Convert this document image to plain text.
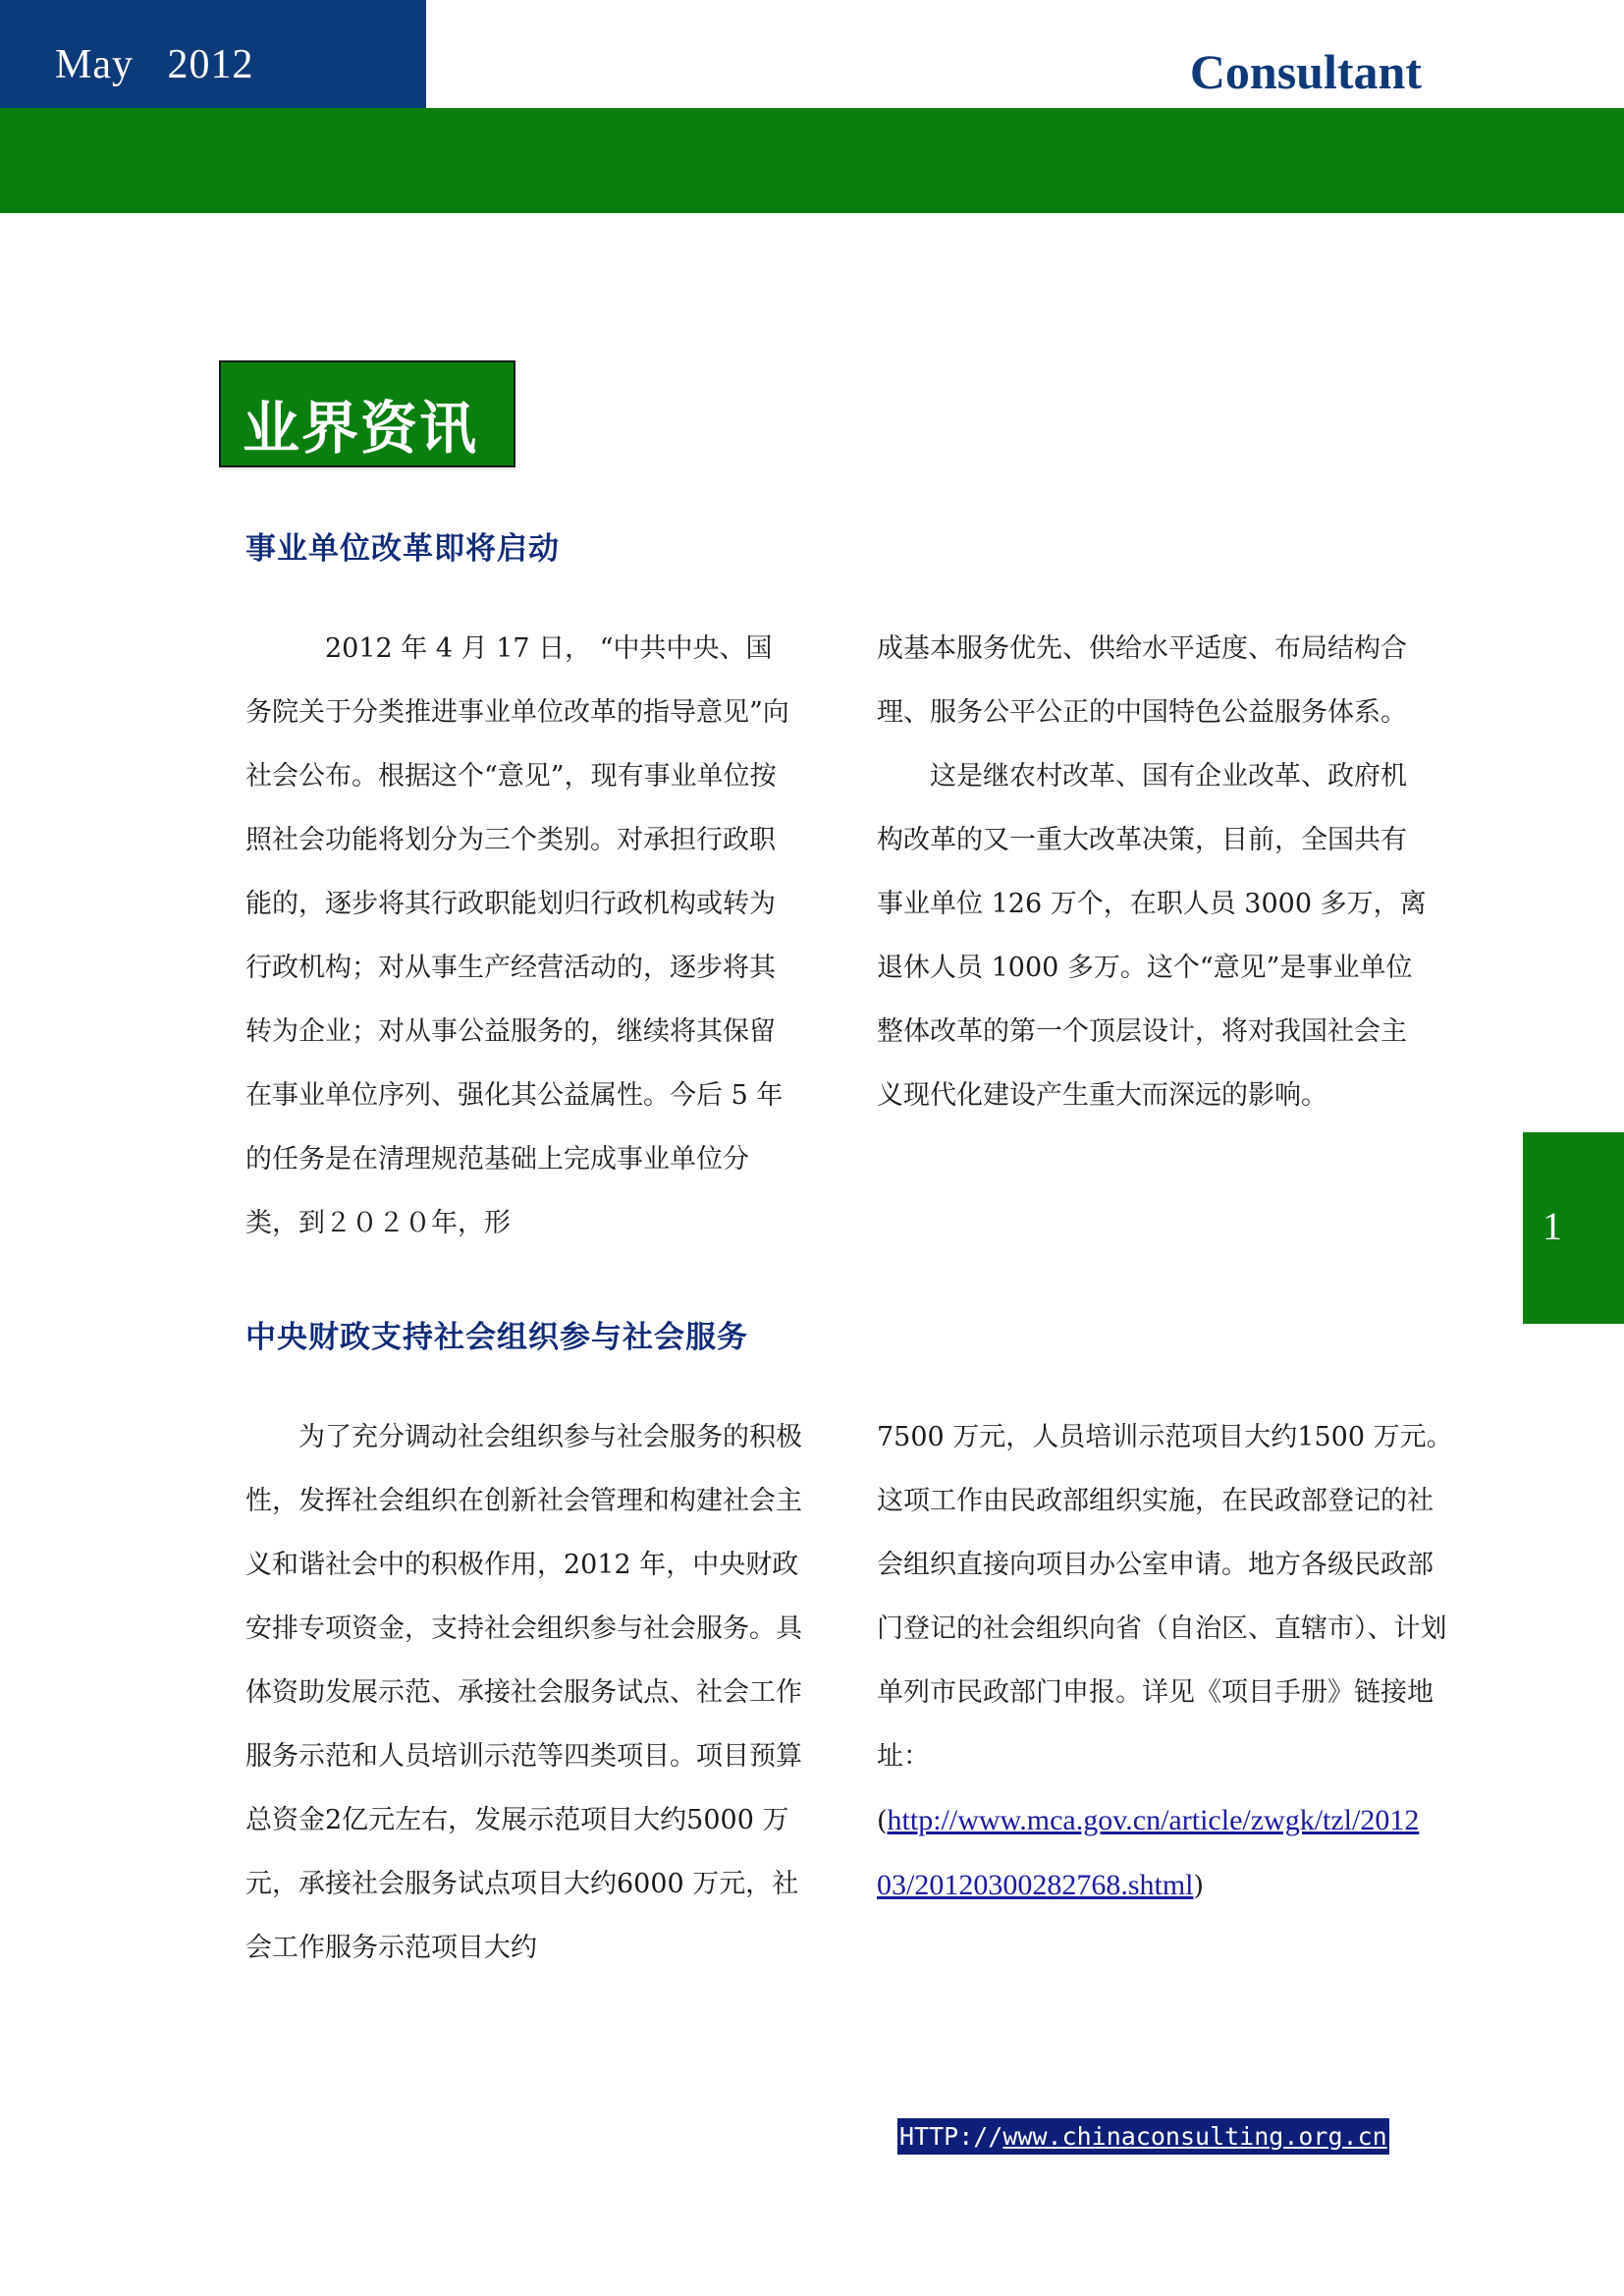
May   2012	Consultant
业界资讯
事业单位改革即将启动

2012 年 4 月 17 日， “中共中央、国务院关于分类推进事业单位改革的指导意见”向社会公布。根据这个“意见”，现有事业单位按照社会功能将划分为三个类别。对承担行政职能的，逐步将其行政职能划归行政机构或转为行政机构；对从事生产经营活动的，逐步将其转为企业；对从事公益服务的，继续将其保留在事业单位序列、强化其公益属性。今后 5 年的任务是在清理规范基础上完成事业单位分类，到２０２０年，形

成基本服务优先、供给水平适度、布局结构合理、服务公平公正的中国特色公益服务体系。

这是继农村改革、国有企业改革、政府机构改革的又一重大改革决策，目前，全国共有事业单位 126 万个，在职人员 3000 多万，离退休人员 1000 多万。这个“意见”是事业单位整体改革的第一个顶层设计，将对我国社会主义现代化建设产生重大而深远的影响。

中央财政支持社会组织参与社会服务

为了充分调动社会组织参与社会服务的积极性，发挥社会组织在创新社会管理和构建社会主义和谐社会中的积极作用，2012 年，中央财政安排专项资金，支持社会组织参与社会服务。具体资助发展示范、承接社会服务试点、社会工作服务示范和人员培训示范等四类项目。项目预算总资金2亿元左右，发展示范项目大约5000 万元，承接社会服务试点项目大约6000 万元，社会工作服务示范项目大约

7500 万元，人员培训示范项目大约1500 万元。这项工作由民政部组织实施，在民政部登记的社会组织直接向项目办公室申请。地方各级民政部门登记的社会组织向省（自治区、直辖市）、计划单列市民政部门申报。详见《项目手册》链接地址：

(http://www.mca.gov.cn/article/zwgk/tzl/201203/20120300282768.shtml)

1
HTTP://www.chinaconsulting.org.cn
